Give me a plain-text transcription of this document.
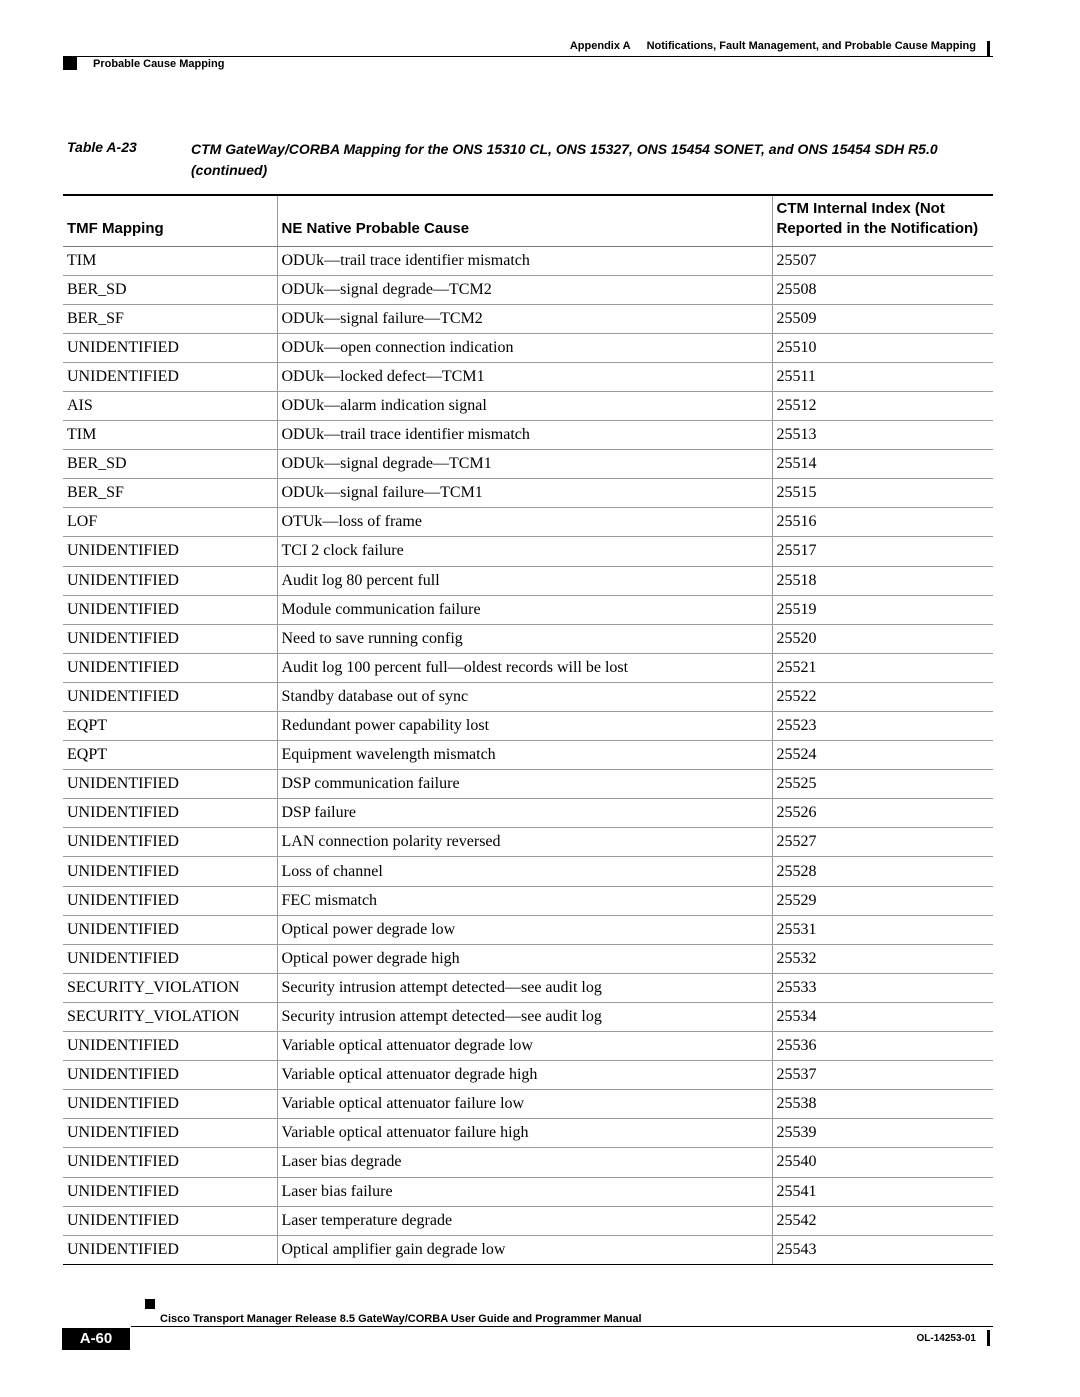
Appendix A Notifications, Fault Management, and Probable Cause Mapping
Probable Cause Mapping
Table A-23	CTM GateWay/CORBA Mapping for the ONS 15310 CL, ONS 15327, ONS 15454 SONET, and ONS 15454 SDH R5.0 (continued)
TMF Mapping	NE Native Probable Cause	CTM Internal Index (Not Reported in the Notification)
TIM	ODUk—trail trace identifier mismatch	25507
BER_SD	ODUk—signal degrade—TCM2	25508
BER_SF	ODUk—signal failure—TCM2	25509
UNIDENTIFIED	ODUk—open connection indication	25510
UNIDENTIFIED	ODUk—locked defect—TCM1	25511
AIS	ODUk—alarm indication signal	25512
TIM	ODUk—trail trace identifier mismatch	25513
BER_SD	ODUk—signal degrade—TCM1	25514
BER_SF	ODUk—signal failure—TCM1	25515
LOF	OTUk—loss of frame	25516
UNIDENTIFIED	TCI 2 clock failure	25517
UNIDENTIFIED	Audit log 80 percent full	25518
UNIDENTIFIED	Module communication failure	25519
UNIDENTIFIED	Need to save running config	25520
UNIDENTIFIED	Audit log 100 percent full—oldest records will be lost	25521
UNIDENTIFIED	Standby database out of sync	25522
EQPT	Redundant power capability lost	25523
EQPT	Equipment wavelength mismatch	25524
UNIDENTIFIED	DSP communication failure	25525
UNIDENTIFIED	DSP failure	25526
UNIDENTIFIED	LAN connection polarity reversed	25527
UNIDENTIFIED	Loss of channel	25528
UNIDENTIFIED	FEC mismatch	25529
UNIDENTIFIED	Optical power degrade low	25531
UNIDENTIFIED	Optical power degrade high	25532
SECURITY_VIOLATION	Security intrusion attempt detected—see audit log	25533
SECURITY_VIOLATION	Security intrusion attempt detected—see audit log	25534
UNIDENTIFIED	Variable optical attenuator degrade low	25536
UNIDENTIFIED	Variable optical attenuator degrade high	25537
UNIDENTIFIED	Variable optical attenuator failure low	25538
UNIDENTIFIED	Variable optical attenuator failure high	25539
UNIDENTIFIED	Laser bias degrade	25540
UNIDENTIFIED	Laser bias failure	25541
UNIDENTIFIED	Laser temperature degrade	25542
UNIDENTIFIED	Optical amplifier gain degrade low	25543
Cisco Transport Manager Release 8.5 GateWay/CORBA User Guide and Programmer Manual
A-60	OL-14253-01
